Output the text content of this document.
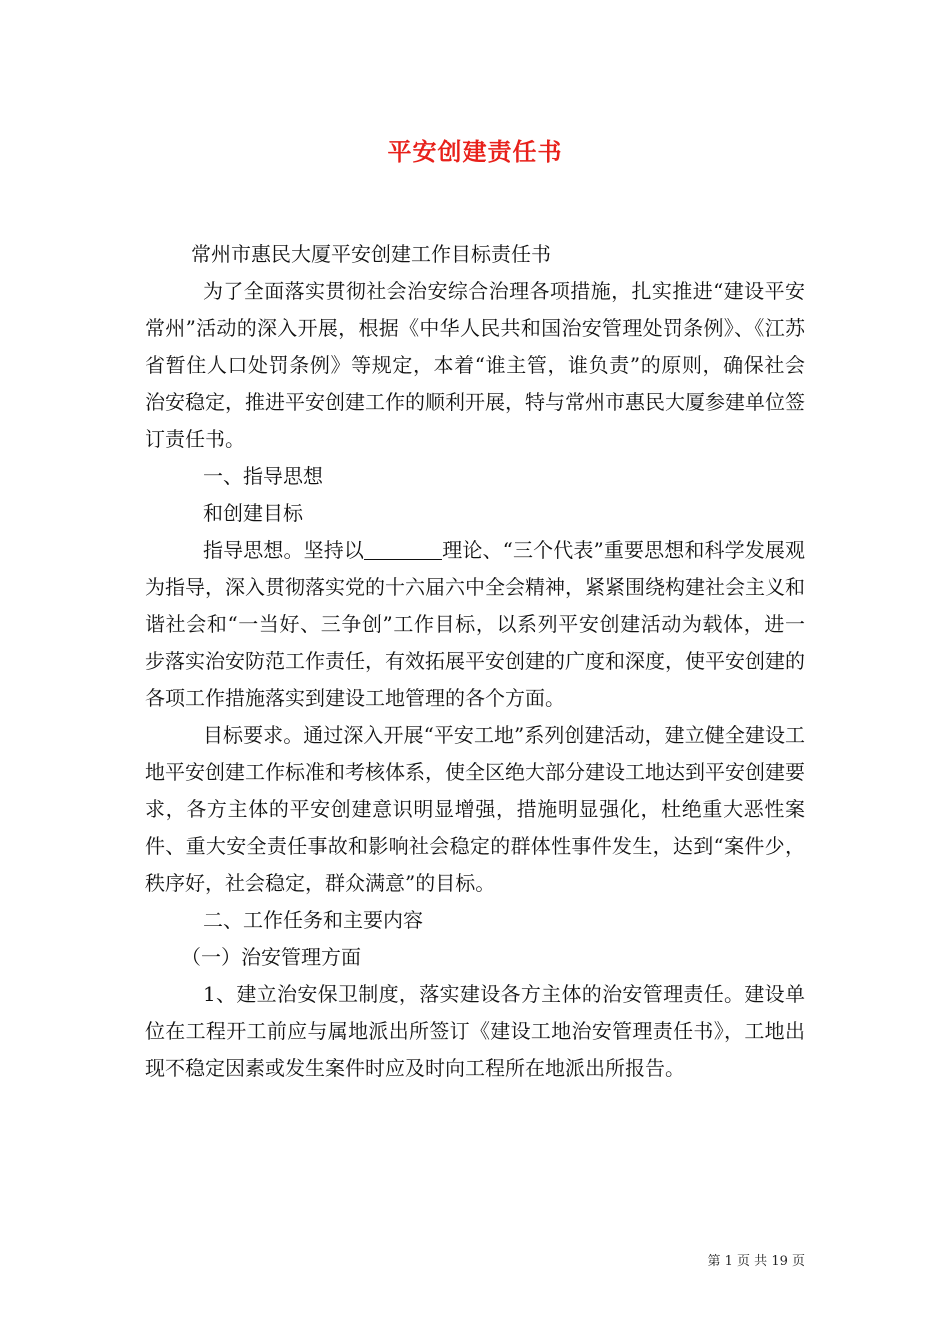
平安创建责任书

常州市惠民大厦平安创建工作目标责任书

为了全面落实贯彻社会治安综合治理各项措施，扎实推进“建设平安常州”活动的深入开展，根据《中华人民共和国治安管理处罚条例》、《江苏省暂住人口处罚条例》等规定，本着“谁主管，谁负责”的原则，确保社会治安稳定，推进平安创建工作的顺利开展，特与常州市惠民大厦参建单位签订责任书。

一、指导思想

和创建目标

指导思想。坚持以	理论、“三个代表”重要思想和科学发展观为指导，深入贯彻落实党的十六届六中全会精神，紧紧围绕构建社会主义和谐社会和“一当好、三争创”工作目标，以系列平安创建活动为载体，进一步落实治安防范工作责任，有效拓展平安创建的广度和深度，使平安创建的各项工作措施落实到建设工地管理的各个方面。

目标要求。通过深入开展“平安工地”系列创建活动，建立健全建设工地平安创建工作标准和考核体系，使全区绝大部分建设工地达到平安创建要求，各方主体的平安创建意识明显增强，措施明显强化，杜绝重大恶性案件、重大安全责任事故和影响社会稳定的群体性事件发生，达到“案件少，秩序好，社会稳定，群众满意”的目标。

二、工作任务和主要内容

（一）治安管理方面

1、建立治安保卫制度，落实建设各方主体的治安管理责任。建设单位在工程开工前应与属地派出所签订《建设工地治安管理责任书》，工地出现不稳定因素或发生案件时应及时向工程所在地派出所报告。

第 1 页 共 19 页
